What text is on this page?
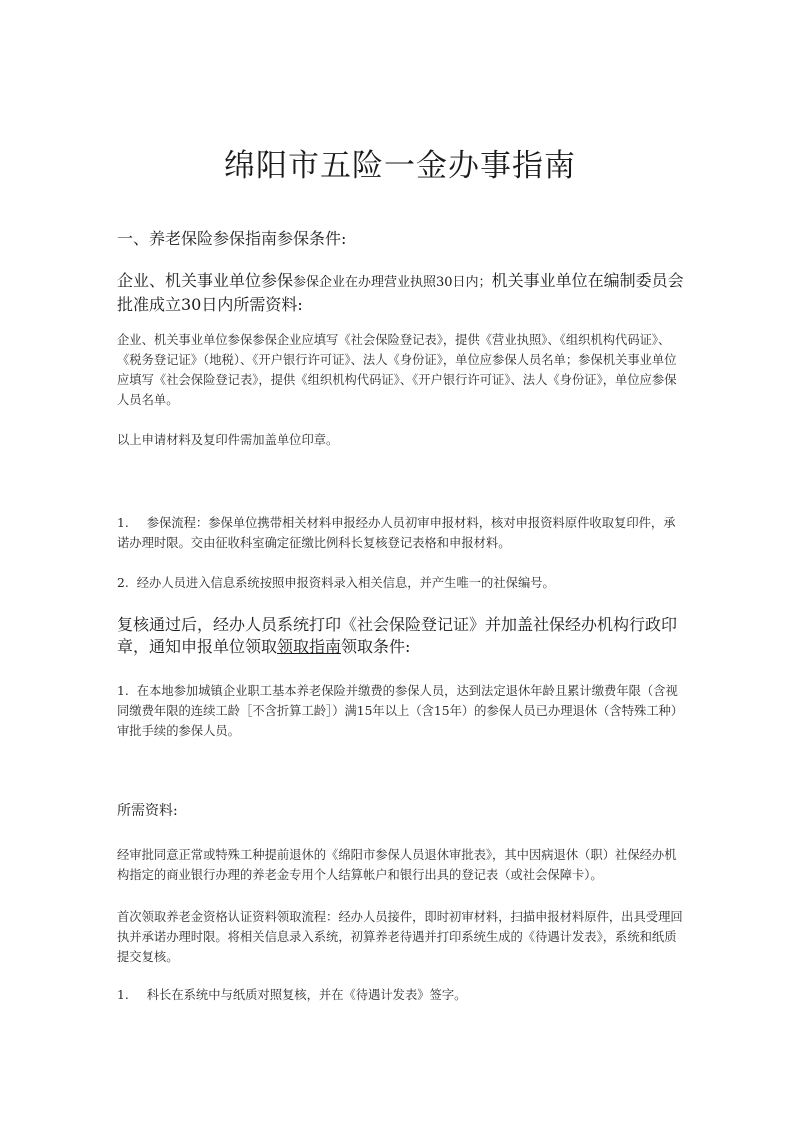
绵阳市五险一金办事指南
一、养老保险参保指南参保条件:
企业、机关事业单位参保参保企业在办理营业执照30日内；机关事业单位在编制委员会批准成立30日内所需资料:
企业、机关事业单位参保参保企业应填写《社会保险登记表》，提供《营业执照》、《组织机构代码证》、《税务登记证》（地税）、《开户银行许可证》、法人《身份证》，单位应参保人员名单；参保机关事业单位应填写《社会保险登记表》，提供《组织机构代码证》、《开户银行许可证》、法人《身份证》，单位应参保人员名单。
以上申请材料及复印件需加盖单位印章。
1. 参保流程：参保单位携带相关材料申报经办人员初审申报材料，核对申报资料原件收取复印件，承诺办理时限。交由征收科室确定征缴比例科长复核登记表格和申报材料。
2. 经办人员进入信息系统按照申报资料录入相关信息，并产生唯一的社保编号。
复核通过后，经办人员系统打印《社会保险登记证》并加盖社保经办机构行政印章，通知申报单位领取领取指南领取条件:
1. 在本地参加城镇企业职工基本养老保险并缴费的参保人员，达到法定退休年龄且累计缴费年限（含视同缴费年限的连续工龄［不含折算工龄］）满15年以上（含15年）的参保人员已办理退休（含特殊工种）审批手续的参保人员。
所需资料:
经审批同意正常或特殊工种提前退休的《绵阳市参保人员退休审批表》，其中因病退休（职）社保经办机构指定的商业银行办理的养老金专用个人结算帐户和银行出具的登记表（或社会保障卡）。
首次领取养老金资格认证资料领取流程：经办人员接件，即时初审材料，扫描申报材料原件，出具受理回执并承诺办理时限。将相关信息录入系统，初算养老待遇并打印系统生成的《待遇计发表》，系统和纸质提交复核。
1. 科长在系统中与纸质对照复核，并在《待遇计发表》签字。
